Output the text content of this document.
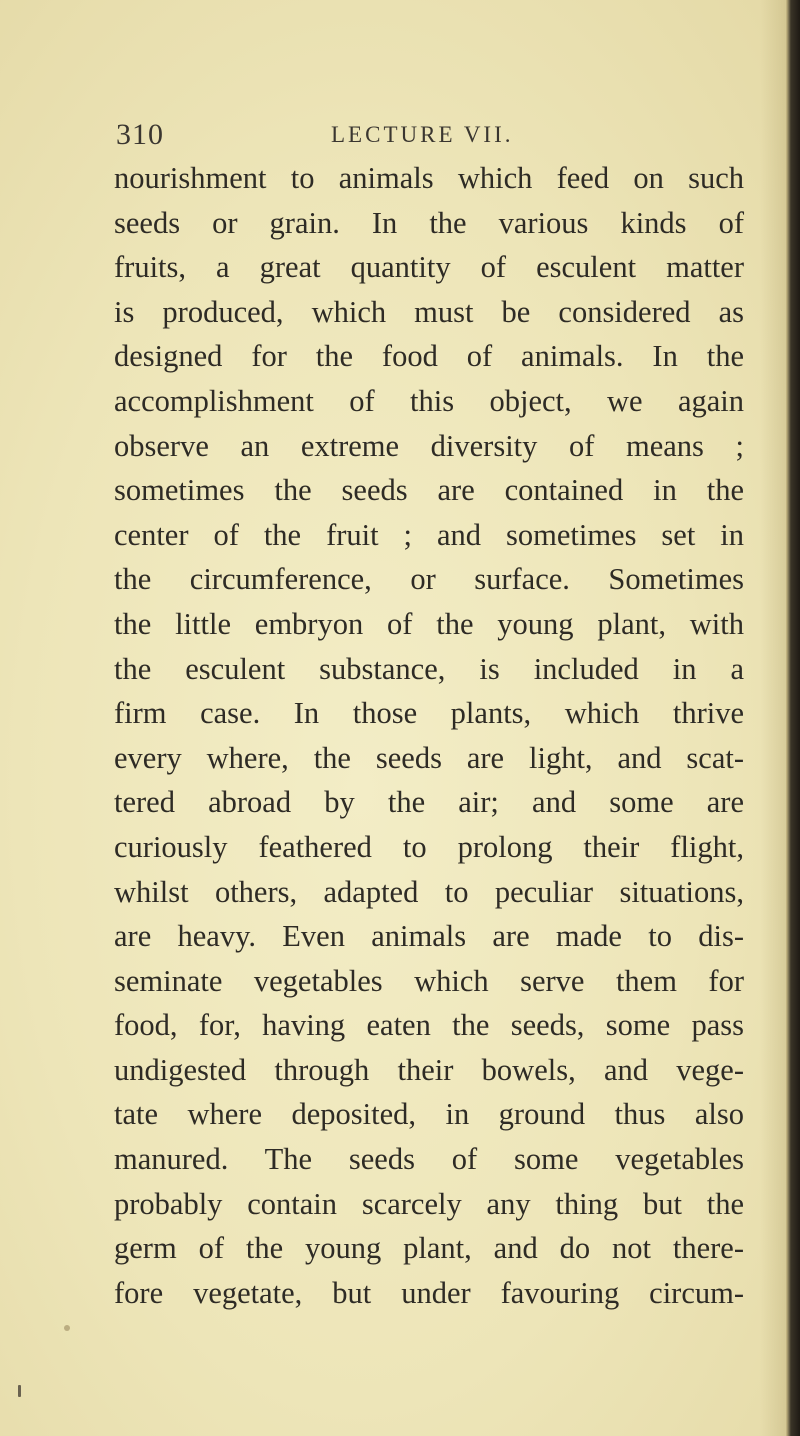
310	LECTURE VII.
nourishment to animals which feed on such
seeds or grain. In the various kinds of
fruits, a great quantity of esculent matter
is produced, which must be considered as
designed for the food of animals. In the
accomplishment of this object, we again
observe an extreme diversity of means ;
sometimes the seeds are contained in the
center of the fruit ; and sometimes set in
the circumference, or surface. Sometimes
the little embryon of the young plant, with
the esculent substance, is included in a
firm case. In those plants, which thrive
every where, the seeds are light, and scat-
tered abroad by the air; and some are
curiously feathered to prolong their flight,
whilst others, adapted to peculiar situations,
are heavy. Even animals are made to dis-
seminate vegetables which serve them for
food, for, having eaten the seeds, some pass
undigested through their bowels, and vege-
tate where deposited, in ground thus also
manured. The seeds of some vegetables
probably contain scarcely any thing but the
germ of the young plant, and do not there-
fore vegetate, but under favouring circum-
